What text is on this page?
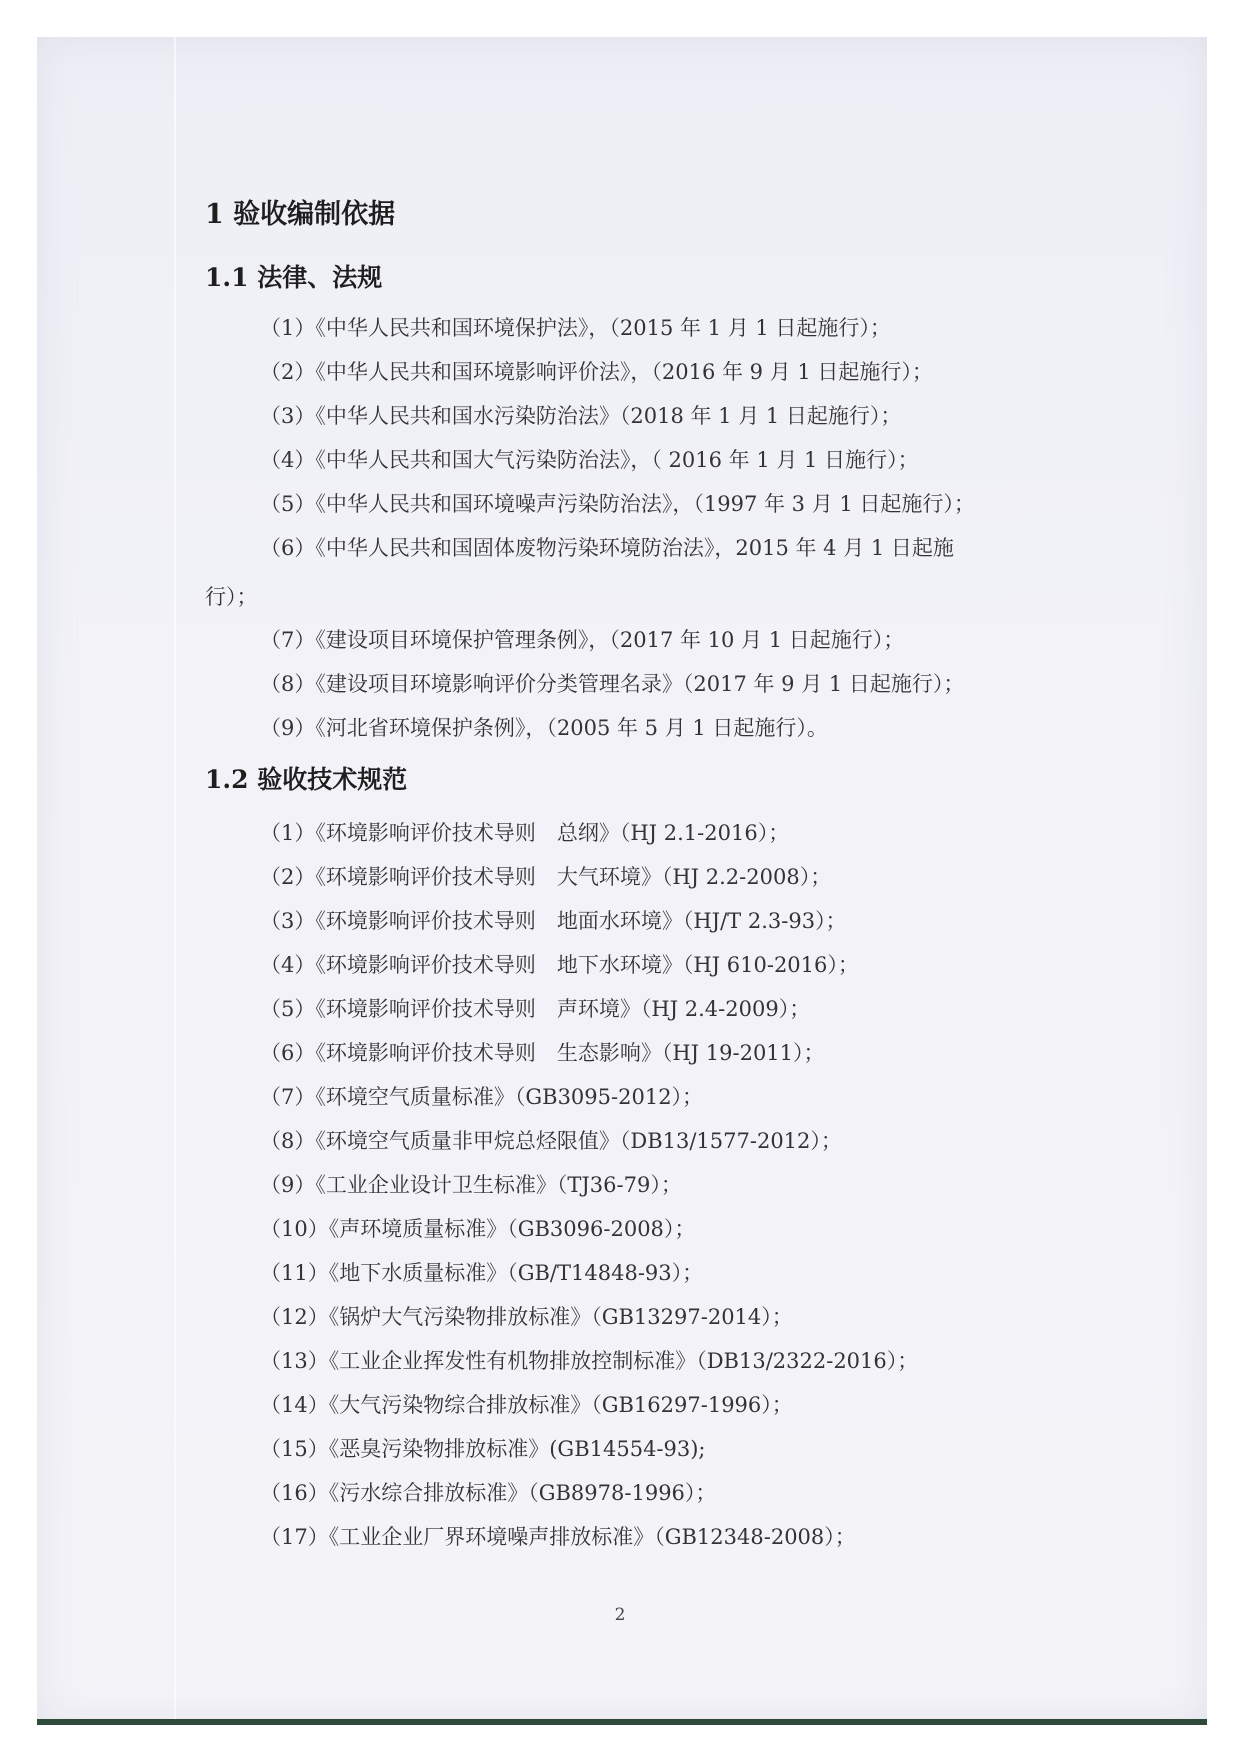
1 验收编制依据
1.1 法律、法规
（1）《中华人民共和国环境保护法》，（2015 年 1 月 1 日起施行）；
（2）《中华人民共和国环境影响评价法》，（2016 年 9 月 1 日起施行）；
（3）《中华人民共和国水污染防治法》（2018 年 1 月 1 日起施行）；
（4）《中华人民共和国大气污染防治法》，（ 2016 年 1 月 1 日施行）；
（5）《中华人民共和国环境噪声污染防治法》，（1997 年 3 月 1 日起施行）；
（6）《中华人民共和国固体废物污染环境防治法》，2015 年 4 月 1 日起施
行）；
（7）《建设项目环境保护管理条例》，（2017 年 10 月 1 日起施行）；
（8）《建设项目环境影响评价分类管理名录》（2017 年 9 月 1 日起施行）；
（9）《河北省环境保护条例》，（2005 年 5 月 1 日起施行）。
1.2 验收技术规范
（1）《环境影响评价技术导则　总纲》（HJ 2.1-2016）；
（2）《环境影响评价技术导则　大气环境》（HJ 2.2-2008）；
（3）《环境影响评价技术导则　地面水环境》（HJ/T 2.3-93）；
（4）《环境影响评价技术导则　地下水环境》（HJ 610-2016）；
（5）《环境影响评价技术导则　声环境》（HJ 2.4-2009）；
（6）《环境影响评价技术导则　生态影响》（HJ 19-2011）；
（7）《环境空气质量标准》（GB3095-2012）；
（8）《环境空气质量非甲烷总烃限值》（DB13/1577-2012）；
（9）《工业企业设计卫生标准》（TJ36-79）；
（10）《声环境质量标准》（GB3096-2008）；
（11）《地下水质量标准》（GB/T14848-93）；
（12）《锅炉大气污染物排放标准》（GB13297-2014）；
（13）《工业企业挥发性有机物排放控制标准》（DB13/2322-2016）；
（14）《大气污染物综合排放标准》（GB16297-1996）；
（15）《恶臭污染物排放标准》(GB14554-93);
（16）《污水综合排放标准》（GB8978-1996）；
（17）《工业企业厂界环境噪声排放标准》（GB12348-2008）；
2
